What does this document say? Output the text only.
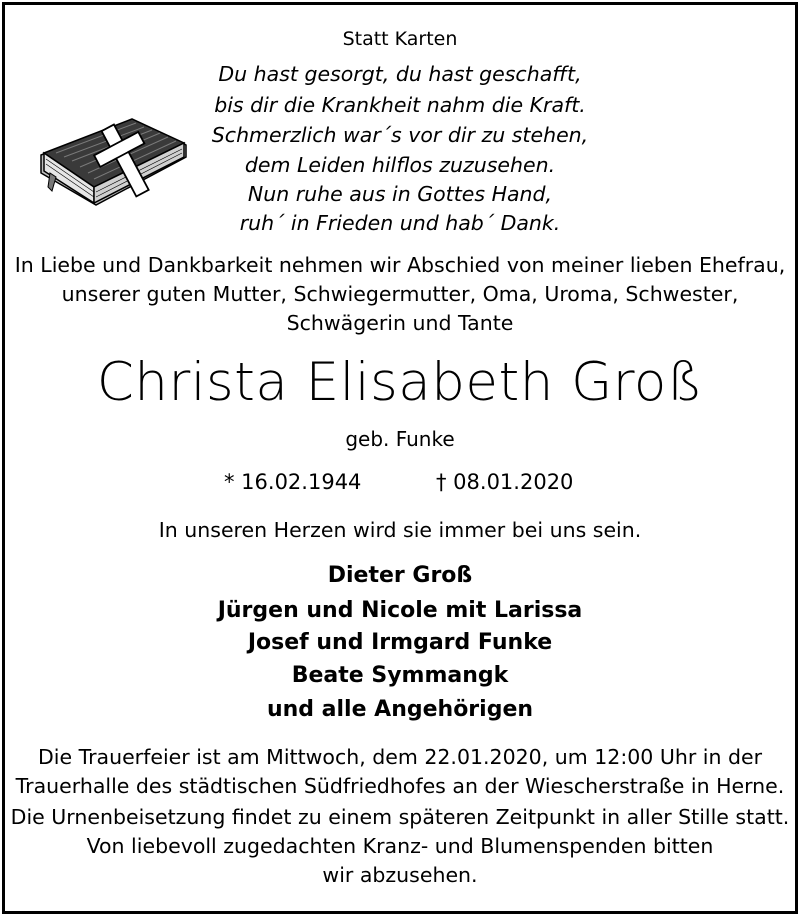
Statt Karten
Du hast gesorgt, du hast geschafft,
bis dir die Krankheit nahm die Kraft.
Schmerzlich war´s vor dir zu stehen,
dem Leiden hilflos zuzusehen.
Nun ruhe aus in Gottes Hand,
ruh´ in Frieden und hab´ Dank.
In Liebe und Dankbarkeit nehmen wir Abschied von meiner lieben Ehefrau,
unserer guten Mutter, Schwiegermutter, Oma, Uroma, Schwester,
Schwägerin und Tante
Christa Elisabeth Groß
geb. Funke
* 16.02.1944	† 08.01.2020
In unseren Herzen wird sie immer bei uns sein.
Dieter Groß
Jürgen und Nicole mit Larissa
Josef und Irmgard Funke
Beate Symmangk
und alle Angehörigen
Die Trauerfeier ist am Mittwoch, dem 22.01.2020, um 12:00 Uhr in der
Trauerhalle des städtischen Südfriedhofes an der Wiescherstraße in Herne.
Die Urnenbeisetzung findet zu einem späteren Zeitpunkt in aller Stille statt.
Von liebevoll zugedachten Kranz- und Blumenspenden bitten
wir abzusehen.
